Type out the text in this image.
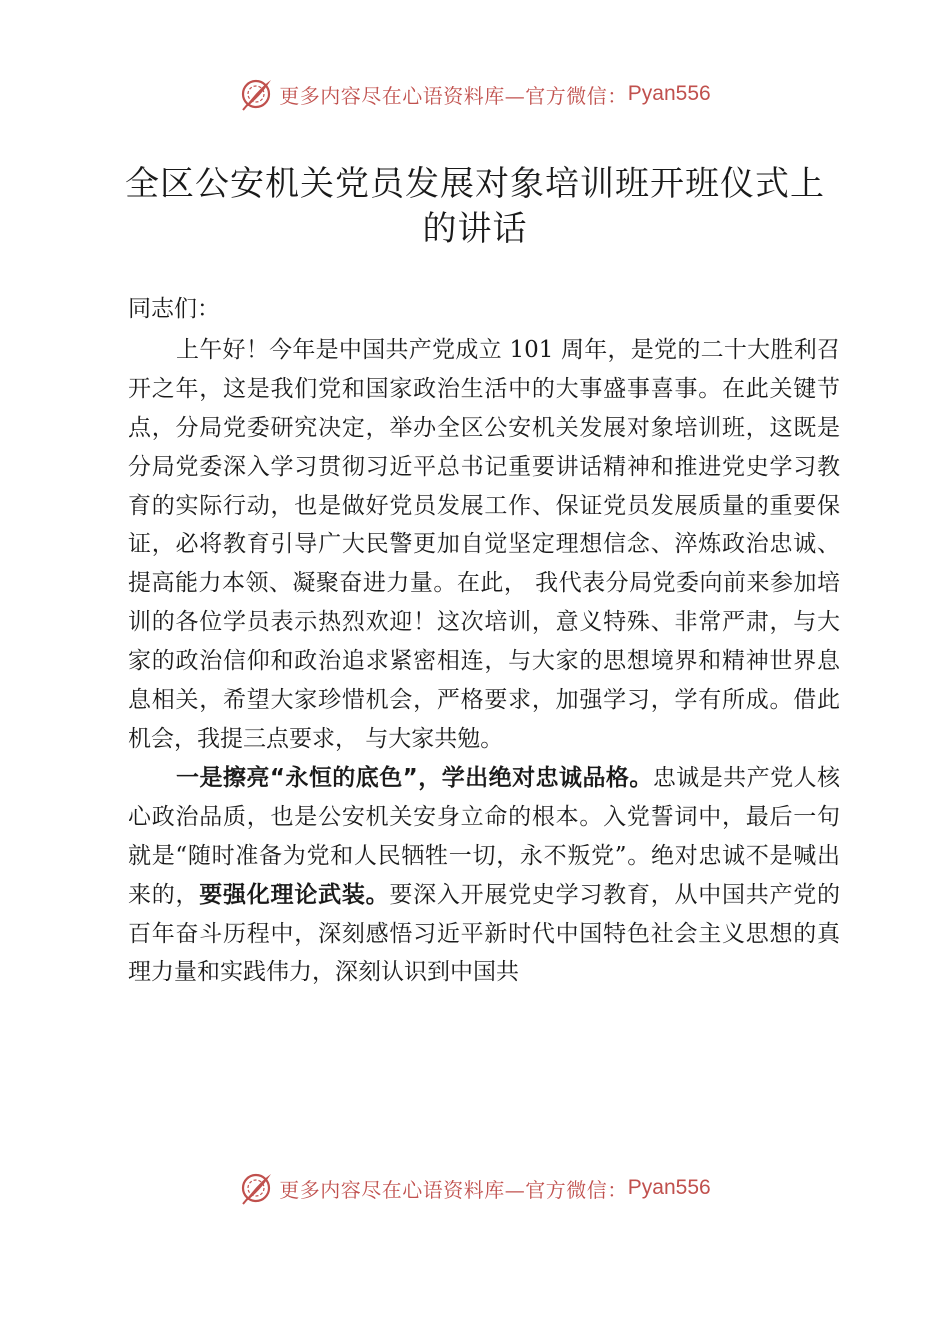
更多内容尽在心语资料库—官方微信： Pyan556
全区公安机关党员发展对象培训班开班仪式上的讲话

同志们：

上午好！今年是中国共产党成立 101 周年，是党的二十大胜利召开之年，这是我们党和国家政治生活中的大事盛事喜事。在此关键节点，分局党委研究决定，举办全区公安机关发展对象培训班，这既是分局党委深入学习贯彻习近平总书记重要讲话精神和推进党史学习教育的实际行动，也是做好党员发展工作、保证党员发展质量的重要保证，必将教育引导广大民警更加自觉坚定理想信念、淬炼政治忠诚、提高能力本领、凝聚奋进力量。在此， 我代表分局党委向前来参加培训的各位学员表示热烈欢迎！这次培训，意义特殊、非常严肃，与大家的政治信仰和政治追求紧密相连，与大家的思想境界和精神世界息息相关，希望大家珍惜机会，严格要求，加强学习，学有所成。借此机会，我提三点要求， 与大家共勉。

一是擦亮“永恒的底色”，学出绝对忠诚品格。忠诚是共产党人核心政治品质，也是公安机关安身立命的根本。入党誓词中，最后一句就是“随时准备为党和人民牺牲一切，永不叛党”。绝对忠诚不是喊出来的，要强化理论武装。要深入开展党史学习教育，从中国共产党的百年奋斗历程中，深刻感悟习近平新时代中国特色社会主义思想的真理力量和实践伟力，深刻认识到中国共

更多内容尽在心语资料库—官方微信： Pyan556
